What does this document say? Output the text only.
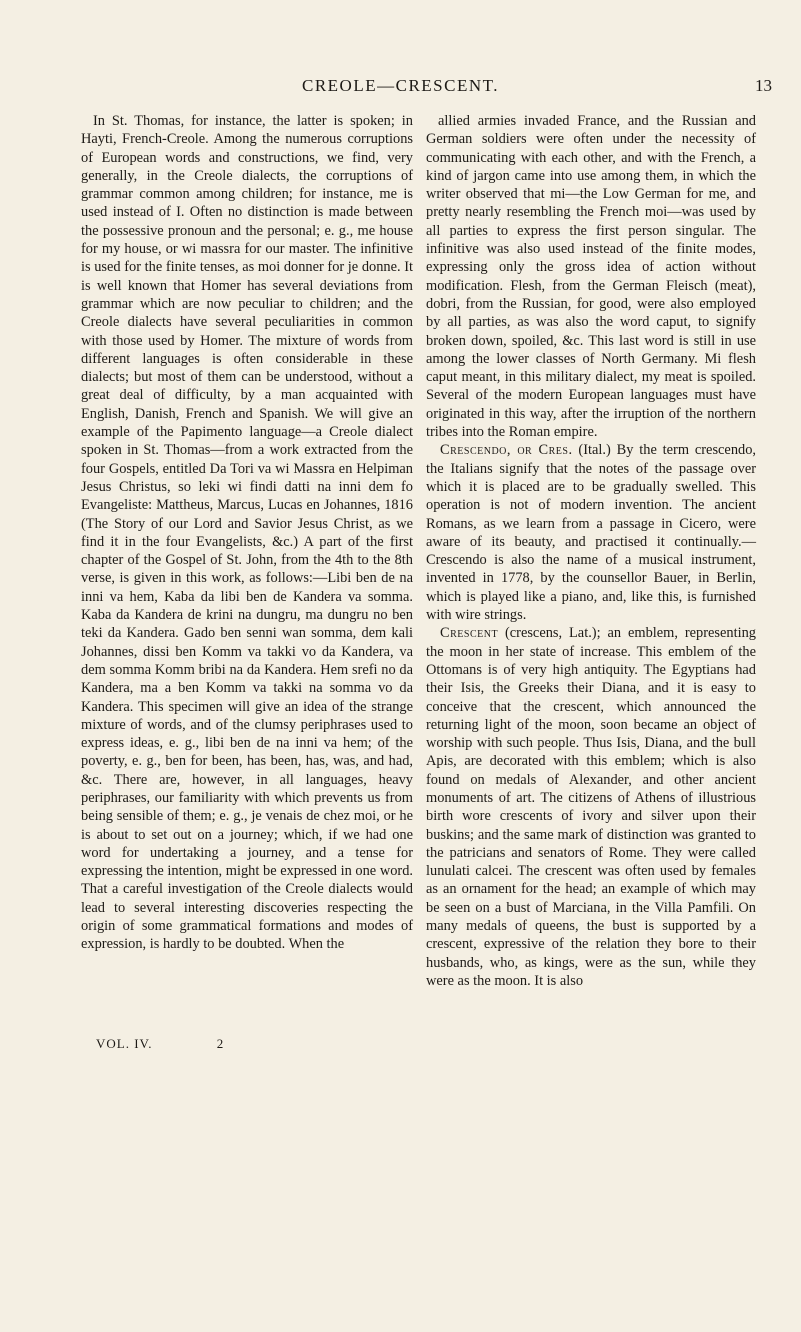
CREOLE—CRESCENT.	13

In St. Thomas, for instance, the latter is spoken; in Hayti, French-Creole. Among the numerous corruptions of European words and constructions, we find, very generally, in the Creole dialects, the corruptions of grammar common among children; for instance, me is used instead of I. Often no distinction is made between the possessive pronoun and the personal; e. g., me house for my house, or wi massra for our master. The infinitive is used for the finite tenses, as moi donner for je donne. It is well known that Homer has several deviations from grammar which are now peculiar to children; and the Creole dialects have several peculiarities in common with those used by Homer. The mixture of words from different languages is often considerable in these dialects; but most of them can be understood, without a great deal of difficulty, by a man acquainted with English, Danish, French and Spanish. We will give an example of the Papimento language—a Creole dialect spoken in St. Thomas—from a work extracted from the four Gospels, entitled Da Tori va wi Massra en Helpiman Jesus Christus, so leki wi findi datti na inni dem fo Evangeliste: Mattheus, Marcus, Lucas en Johannes, 1816 (The Story of our Lord and Savior Jesus Christ, as we find it in the four Evangelists, &c.) A part of the first chapter of the Gospel of St. John, from the 4th to the 8th verse, is given in this work, as follows:—Libi ben de na inni va hem, Kaba da libi ben de Kandera va somma. Kaba da Kandera de krini na dungru, ma dungru no ben teki da Kandera. Gado ben senni wan somma, dem kali Johannes, dissi ben Komm va takki vo da Kandera, va dem somma Komm bribi na da Kandera. Hem srefi no da Kandera, ma a ben Komm va takki na somma vo da Kandera. This specimen will give an idea of the strange mixture of words, and of the clumsy periphrases used to express ideas, e. g., libi ben de na inni va hem; of the poverty, e. g., ben for been, has been, has, was, and had, &c. There are, however, in all languages, heavy periphrases, our familiarity with which prevents us from being sensible of them; e. g., je venais de chez moi, or he is about to set out on a journey; which, if we had one word for undertaking a journey, and a tense for expressing the intention, might be expressed in one word. That a careful investigation of the Creole dialects would lead to several interesting discoveries respecting the origin of some grammatical formations and modes of expression, is hardly to be doubted. When the

allied armies invaded France, and the Russian and German soldiers were often under the necessity of communicating with each other, and with the French, a kind of jargon came into use among them, in which the writer observed that mi—the Low German for me, and pretty nearly resembling the French moi—was used by all parties to express the first person singular. The infinitive was also used instead of the finite modes, expressing only the gross idea of action without modification. Flesh, from the German Fleisch (meat), dobri, from the Russian, for good, were also employed by all parties, as was also the word caput, to signify broken down, spoiled, &c. This last word is still in use among the lower classes of North Germany. Mi flesh caput meant, in this military dialect, my meat is spoiled. Several of the modern European languages must have originated in this way, after the irruption of the northern tribes into the Roman empire.

Crescendo, or Cres. (Ital.) By the term crescendo, the Italians signify that the notes of the passage over which it is placed are to be gradually swelled. This operation is not of modern invention. The ancient Romans, as we learn from a passage in Cicero, were aware of its beauty, and practised it continually.—Crescendo is also the name of a musical instrument, invented in 1778, by the counsellor Bauer, in Berlin, which is played like a piano, and, like this, is furnished with wire strings.

Crescent (crescens, Lat.); an emblem, representing the moon in her state of increase. This emblem of the Ottomans is of very high antiquity. The Egyptians had their Isis, the Greeks their Diana, and it is easy to conceive that the crescent, which announced the returning light of the moon, soon became an object of worship with such people. Thus Isis, Diana, and the bull Apis, are decorated with this emblem; which is also found on medals of Alexander, and other ancient monuments of art. The citizens of Athens of illustrious birth wore crescents of ivory and silver upon their buskins; and the same mark of distinction was granted to the patricians and senators of Rome. They were called lunulati calcei. The crescent was often used by females as an ornament for the head; an example of which may be seen on a bust of Marciana, in the Villa Pamfili. On many medals of queens, the bust is supported by a crescent, expressive of the relation they bore to their husbands, who, as kings, were as the sun, while they were as the moon. It is also

VOL. IV.	2
